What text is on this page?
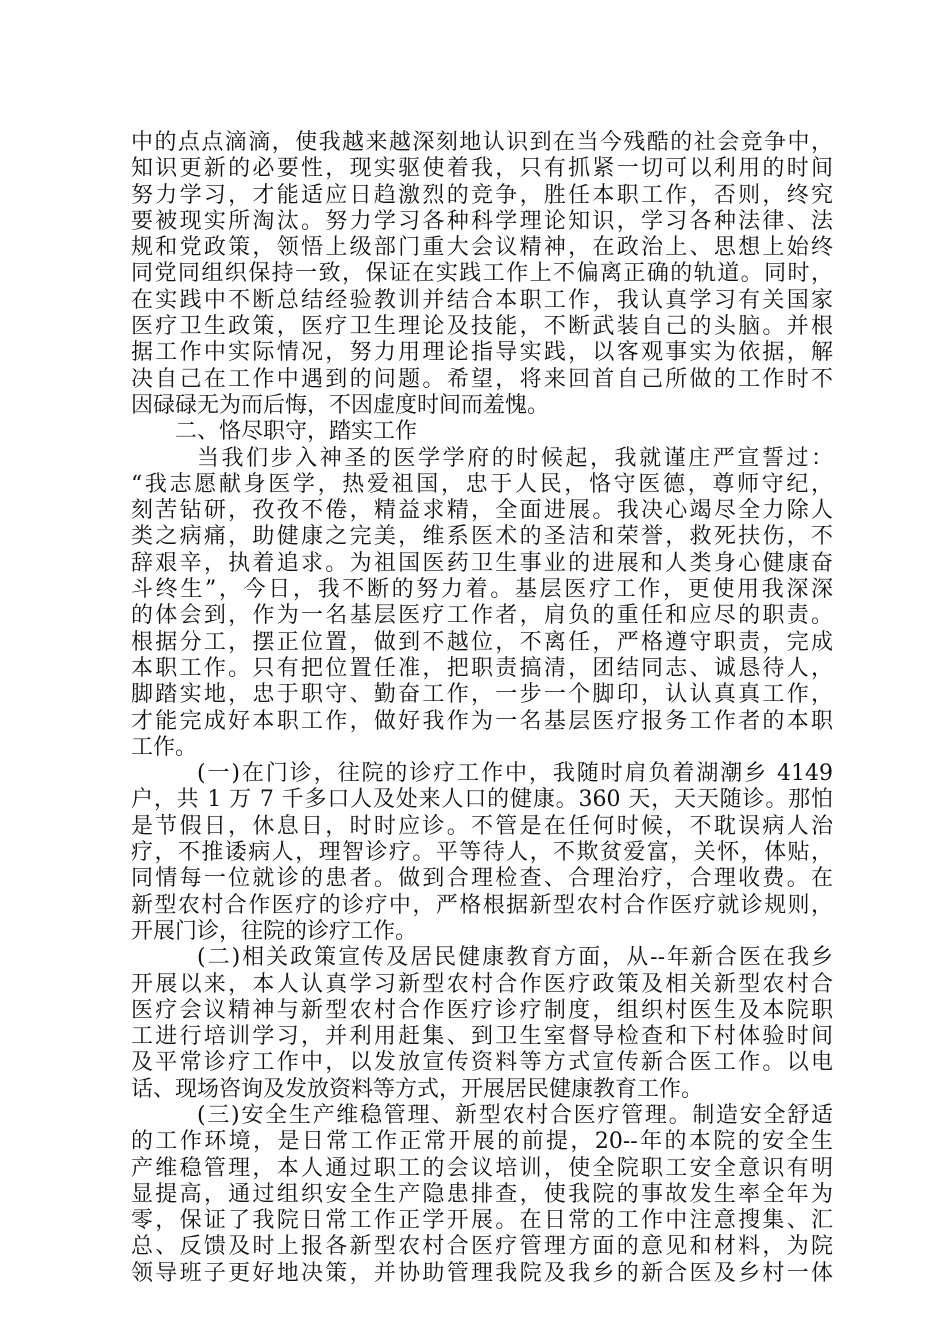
中的点点滴滴，使我越来越深刻地认识到在当今残酷的社会竞争中，
知识更新的必要性，现实驱使着我，只有抓紧一切可以利用的时间
努力学习，才能适应日趋激烈的竞争，胜任本职工作，否则，终究
要被现实所淘汰。努力学习各种科学理论知识，学习各种法律、法
规和党政策，领悟上级部门重大会议精神，在政治上、思想上始终
同党同组织保持一致，保证在实践工作上不偏离正确的轨道。同时，
在实践中不断总结经验教训并结合本职工作，我认真学习有关国家
医疗卫生政策，医疗卫生理论及技能，不断武装自己的头脑。并根
据工作中实际情况，努力用理论指导实践，以客观事实为依据，解
决自己在工作中遇到的问题。希望，将来回首自己所做的工作时不
因碌碌无为而后悔，不因虚度时间而羞愧。
二、恪尽职守，踏实工作
当我们步入神圣的医学学府的时候起，我就谨庄严宣誓过：
“我志愿献身医学，热爱祖国，忠于人民，恪守医德，尊师守纪，
刻苦钻研，孜孜不倦，精益求精，全面进展。我决心竭尽全力除人
类之病痛，助健康之完美，维系医术的圣洁和荣誉，救死扶伤，不
辞艰辛，执着追求。为祖国医药卫生事业的进展和人类身心健康奋
斗终生”，今日，我不断的努力着。基层医疗工作，更使用我深深
的体会到，作为一名基层医疗工作者，肩负的重任和应尽的职责。
根据分工，摆正位置，做到不越位，不离任，严格遵守职责，完成
本职工作。只有把位置任准，把职责搞清，团结同志、诚恳待人，
脚踏实地，忠于职守、勤奋工作，一步一个脚印，认认真真工作，
才能完成好本职工作，做好我作为一名基层医疗报务工作者的本职
工作。
(一)在门诊，往院的诊疗工作中，我随时肩负着湖潮乡 4149
户，共 1 万 7 千多口人及处来人口的健康。360 天，天天随诊。那怕
是节假日，休息日，时时应诊。不管是在任何时候，不耽误病人治
疗，不推诿病人，理智诊疗。平等待人，不欺贫爱富，关怀，体贴，
同情每一位就诊的患者。做到合理检查、合理治疗，合理收费。在
新型农村合作医疗的诊疗中，严格根据新型农村合作医疗就诊规则，
开展门诊，往院的诊疗工作。
(二)相关政策宣传及居民健康教育方面，从--年新合医在我乡
开展以来，本人认真学习新型农村合作医疗政策及相关新型农村合
医疗会议精神与新型农村合作医疗诊疗制度，组织村医生及本院职
工进行培训学习，并利用赶集、到卫生室督导检查和下村体验时间
及平常诊疗工作中，以发放宣传资料等方式宣传新合医工作。以电
话、现场咨询及发放资料等方式，开展居民健康教育工作。
(三)安全生产维稳管理、新型农村合医疗管理。制造安全舒适
的工作环境，是日常工作正常开展的前提，20--年的本院的安全生
产维稳管理，本人通过职工的会议培训，使全院职工安全意识有明
显提高，通过组织安全生产隐患排查，使我院的事故发生率全年为
零，保证了我院日常工作正学开展。在日常的工作中注意搜集、汇
总、反馈及时上报各新型农村合医疗管理方面的意见和材料，为院
领导班子更好地决策，并协助管理我院及我乡的新合医及乡村一体
